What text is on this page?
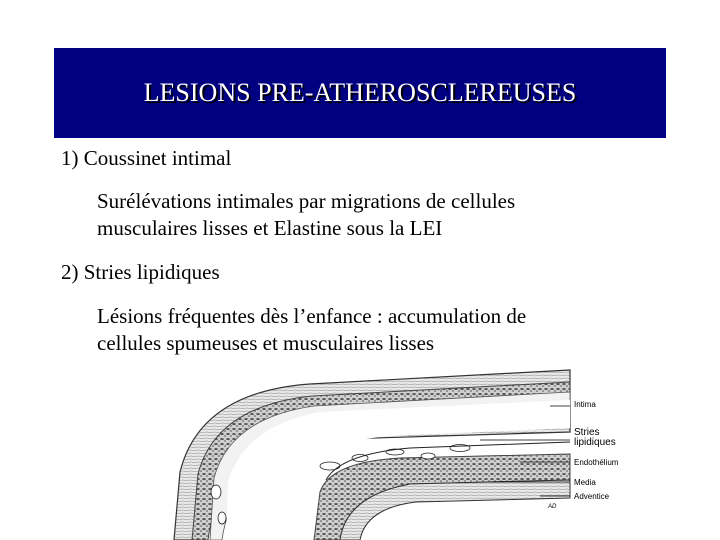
LESIONS PRE-ATHEROSCLEREUSES
1) Coussinet intimal
Surélévations intimales par migrations de cellules
musculaires lisses et Elastine sous la LEI
2) Stries lipidiques
Lésions fréquentes dès l’enfance : accumulation de
cellules spumeuses et musculaires lisses
Intima
Stries
lipidiques
Endothélium
Media
Adventice
AD
